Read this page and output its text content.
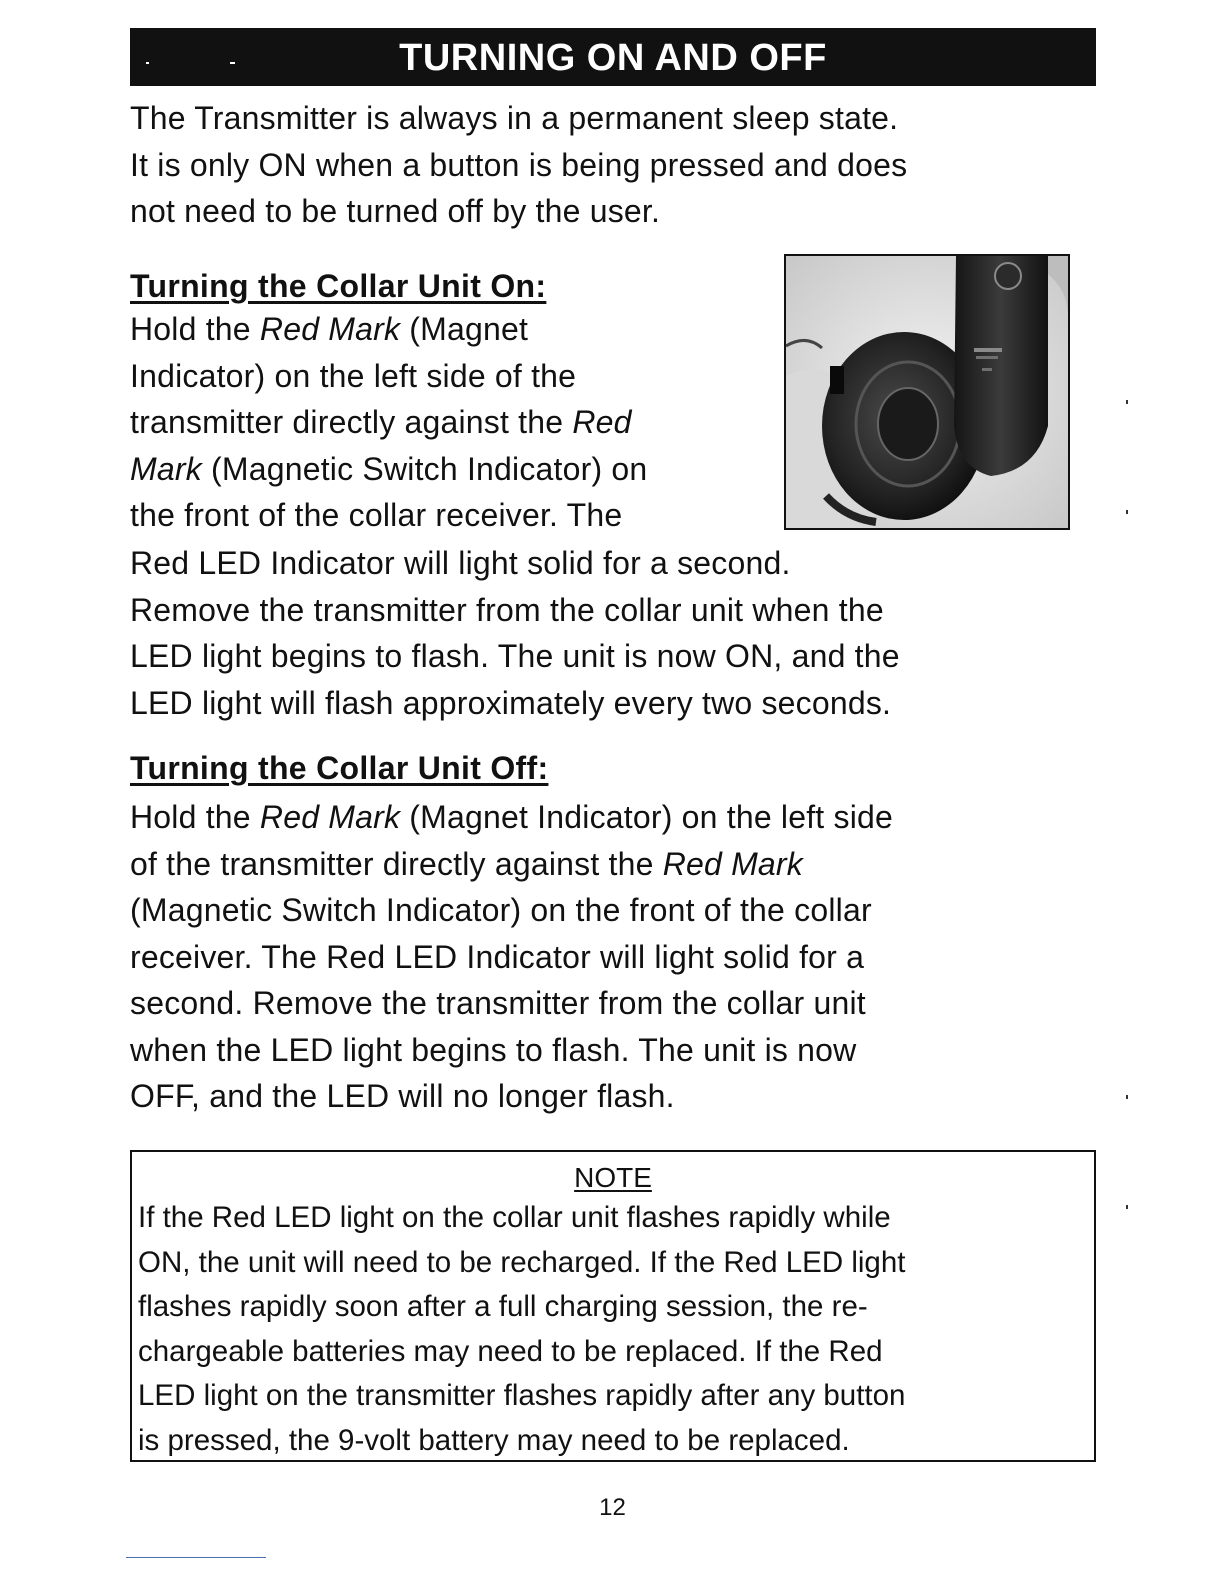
TURNING ON AND OFF
The Transmitter is always in a permanent sleep state.
It is only ON when a button is being pressed and does
not need to be turned off by the user.
Turning the Collar Unit On:
Hold the Red Mark (Magnet
Indicator) on the left side of the
transmitter directly against the Red
Mark (Magnetic Switch Indicator) on
the front of the collar receiver. The
Red LED Indicator will light solid for a second.
Remove the transmitter from the collar unit when the
LED light begins to flash. The unit is now ON, and the
LED light will flash approximately every two seconds.
Turning the Collar Unit Off:
Hold the Red Mark (Magnet Indicator) on the left side
of the transmitter directly against the Red Mark
(Magnetic Switch Indicator) on the front of the collar
receiver. The Red LED Indicator will light solid for a
second. Remove the transmitter from the collar unit
when the LED light begins to flash. The unit is now
OFF, and the LED will no longer flash.
NOTE
If the Red LED light on the collar unit flashes rapidly while
ON, the unit will need to be recharged. If the Red LED light
flashes rapidly soon after a full charging session, the re-
chargeable batteries may need to be replaced. If the Red
LED light on the transmitter flashes rapidly after any button
is pressed, the 9-volt battery may need to be replaced.
12
